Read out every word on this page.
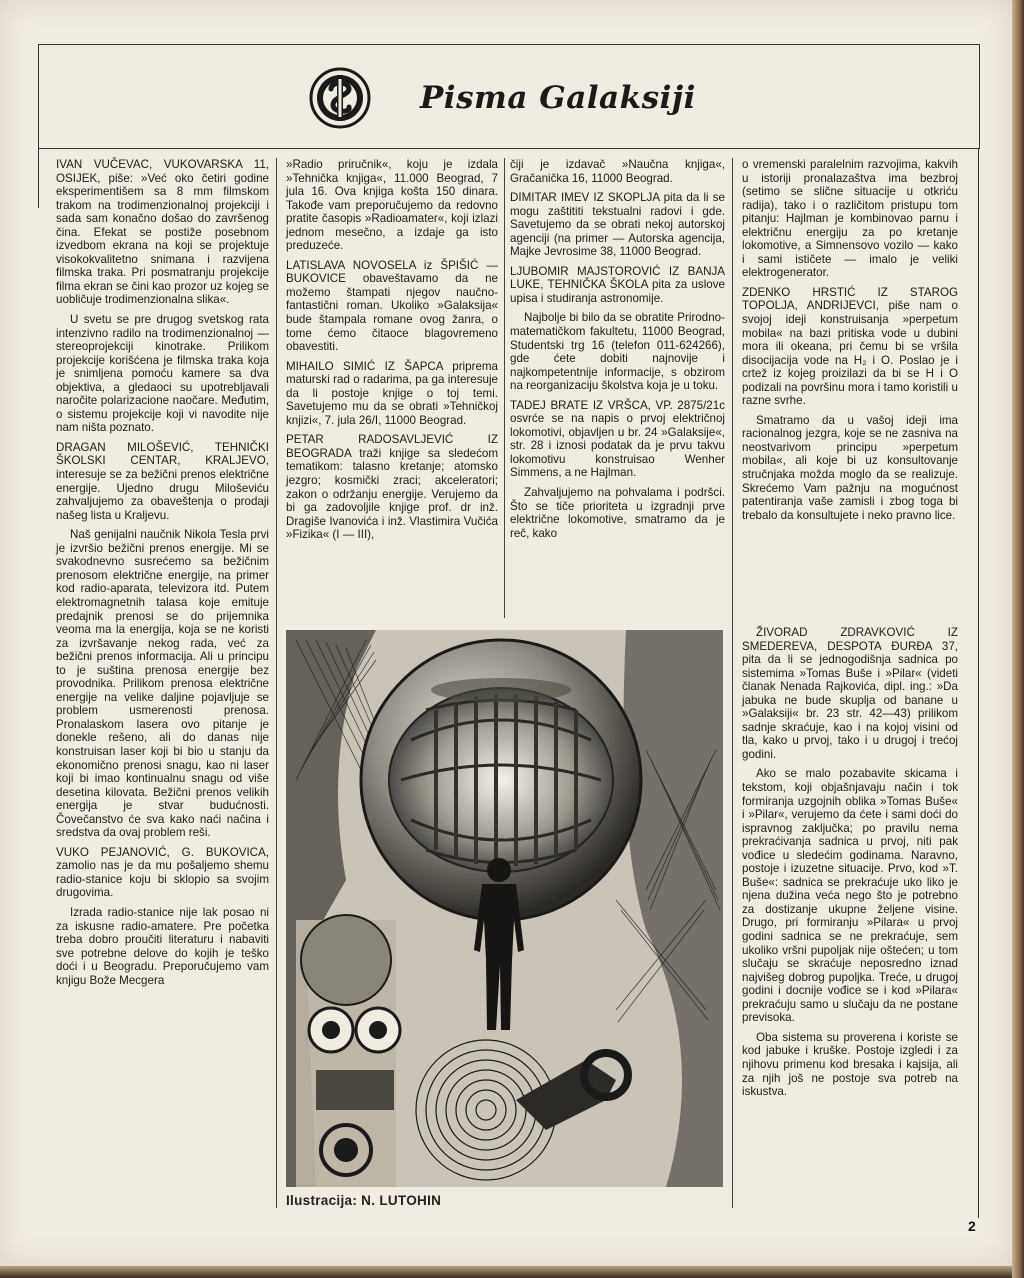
Pisma Galaksiji

IVAN VUČEVAC, VUKOVARSKA 11, OSIJEK, piše: »Već oko četiri godine eksperimentišem sa 8 mm filmskom trakom na trodimenzionalnoj projekciji i sada sam konačno došao do završenog čina. Efekat se postiže posebnom izvedbom ekrana na koji se projektuje visokokvalitetno snimana i razvijena filmska traka. Pri posmatranju projekcije filma ekran se čini kao prozor uz kojeg se uobličuje trodimenzionalna slika«.

U svetu se pre drugog svetskog rata intenzivno radilo na trodimenzionalnoj — stereoprojekciji kinotrake. Prilikom projekcije korišćena je filmska traka koja je snimljena pomoću kamere sa dva objektiva, a gledaoci su upotrebljavali naročite polarizacione naočare. Međutim, o sistemu projekcije koji vi navodite nije nam ništa poznato.

DRAGAN MILOŠEVIĆ, TEHNIČKI ŠKOLSKI CENTAR, KRALJEVO, interesuje se za bežični prenos električne energije. Ujedno drugu Miloševiću zahvaljujemo za obaveštenja o prodaji našeg lista u Kraljevu.

Naš genijalni naučnik Nikola Tesla prvi je izvršio bežični prenos energije. Mi se svakodnevno susrećemo sa bežičnim prenosom električne energije, na primer kod radio-aparata, televizora itd. Putem elektromagnetnih talasa koje emituje predajnik prenosi se do prijemnika veoma ma la energija, koja se ne koristi za izvršavanje nekog rada, već za bežični prenos informacija. Ali u principu to je suština prenosa energije bez provodnika. Prilikom prenosa električne energije na velike daljine pojavljuje se problem usmerenosti prenosa. Pronalaskom lasera ovo pitanje je donekle rešeno, ali do danas nije konstruisan laser koji bi bio u stanju da ekonomično prenosi snagu, kao ni laser koji bi imao kontinualnu snagu od više desetina kilovata. Bežični prenos velikih energija je stvar budućnosti. Čovečanstvo će sva kako naći načina i sredstva da ovaj problem reši.

VUKO PEJANOVIĆ, G. BUKOVICA, zamolio nas je da mu pošaljemo shemu radio-stanice koju bi sklopio sa svojim drugovima.

Izrada radio-stanice nije lak posao ni za iskusne radio-amatere. Pre početka treba dobro proučiti literaturu i nabaviti sve potrebne delove do kojih je teško doći i u Beogradu. Preporučujemo vam knjigu Bože Mecgera

»Radio priručnik«, koju je izdala »Tehnička knjiga«, 11.000 Beograd, 7 jula 16. Ova knjiga košta 150 dinara. Takođe vam preporučujemo da redovno pratite časopis »Radioamater«, koji izlazi jednom mesečno, a izdaje ga isto preduzeće.

LATISLAVA NOVOSELA iz ŠPIŠIĆ — BUKOVICE obaveštavamo da ne možemo štampati njegov naučno-fantastični roman. Ukoliko »Galaksija« bude štampala romane ovog žanra, o tome ćemo čitaoce blagovremeno obavestiti.

MIHAILO SIMIĆ IZ ŠAPCA priprema maturski rad o radarima, pa ga interesuje da li postoje knjige o toj temi. Savetujemo mu da se obrati »Tehničkoj knjizi«, 7. jula 26/I, 11000 Beograd.

PETAR RADOSAVLJEVIĆ IZ BEOGRADA traži knjige sa sledećom tematikom: talasno kretanje; atomsko jezgro; kosmički zraci; akceleratori; zakon o održanju energije. Verujemo da bi ga zadovoljile knjige prof. dr inž. Dragiše Ivanovića i inž. Vlastimira Vučića »Fizika« (I — III),

čiji je izdavač »Naučna knjiga«, Gračanička 16, 11000 Beograd.

DIMITAR IMEV IZ SKOPLJA pita da li se mogu zaštititi tekstualni radovi i gde. Savetujemo da se obrati nekoj autorskoj agenciji (na primer — Autorska agencija, Majke Jevrosime 38, 11000 Beograd.

LJUBOMIR MAJSTOROVIĆ IZ BANJA LUKE, TEHNIČKA ŠKOLA pita za uslove upisa i studiranja astronomije.

Najbolje bi bilo da se obratite Prirodno-matematičkom fakultetu, 11000 Beograd, Studentski trg 16 (telefon 011-624266), gde ćete dobiti najnovije i najkompetentnije informacije, s obzirom na reorganizaciju školstva koja je u toku.

TADEJ BRATE IZ VRŠCA, VP. 2875/21c osvrće se na napis o prvoj električnoj lokomotivi, objavljen u br. 24 »Galaksije«, str. 28 i iznosi podatak da je prvu takvu lokomotivu konstruisao Wenher Simmens, a ne Hajlman.

Zahvaljujemo na pohvalama i podršci. Što se tiče prioriteta u izgradnji prve električne lokomotive, smatramo da je reč, kako

o vremenski paralelnim razvojima, kakvih u istoriji pronalazaštva ima bezbroj (setimo se slične situacije u otkriću radija), tako i o različitom pristupu tom pitanju: Hajlman je kombinovao parnu i električnu energiju za po kretanje lokomotive, a Simnensovo vozilo — kako i sami ističete — imalo je veliki elektrogenerator.

ZDENKO HRSTIĆ IZ STAROG TOPOLJA, ANDRIJEVCI, piše nam o svojoj ideji konstruisanja »perpetum mobila« na bazi pritiska vode u dubini mora ili okeana, pri čemu bi se vršila disocijacija vode na H₂ i O. Poslao je i crtež iz kojeg proizilazi da bi se H i O podizali na površinu mora i tamo koristili u razne svrhe.

Smatramo da u vašoj ideji ima racionalnog jezgra, koje se ne zasniva na neostvarivom principu »perpetum mobila«, ali koje bi uz konsultovanje stručnjaka možda moglo da se realizuje. Skrećemo Vam pažnju na mogućnost patentiranja vaše zamisli i zbog toga bi trebalo da konsultujete i neko pravno lice.

ŽIVORAD ZDRAVKOVIĆ IZ SMEDEREVA, DESPOTA ĐURĐA 37, pita da li se jednogodišnja sadnica po sistemima »Tomas Buše i »Pilar« (videti članak Nenada Rajkovića, dipl. ing.: »Da jabuka ne bude skuplja od banane u »Galaksiji« br. 23 str. 42—43) prilikom sadnje skraćuje, kao i na kojoj visini od tla, kako u prvoj, tako i u drugoj i trećoj godini.

Ako se malo pozabavite skicama i tekstom, koji objašnjavaju način i tok formiranja uzgojnih oblika »Tomas Buše« i »Pilar«, verujemo da ćete i sami doći do ispravnog zaključka; po pravilu nema prekraćivanja sadnica u prvoj, niti pak vođice u sledećim godinama. Naravno, postoje i izuzetne situacije. Prvo, kod »T. Buše«: sadnica se prekraćuje uko liko je njena dužina veća nego što je potrebno za dostizanje ukupne željene visine. Drugo, pri formiranju »Pilara« u prvoj godini sadnica se ne prekraćuje, sem ukoliko vršni pupoljak nije oštećen; u tom slučaju se skraćuje neposredno iznad najvišeg dobrog pupoljka. Treće, u drugoj godini i docnije vođice se i kod »Pilara« prekraćuju samo u slučaju da ne postane previsoka.

Oba sistema su proverena i koriste se kod jabuke i kruške. Postoje izgledi i za njihovu primenu kod bresaka i kajsija, ali za njih još ne postoje sva potreb na iskustva.

Ilustracija: N. LUTOHIN

2
